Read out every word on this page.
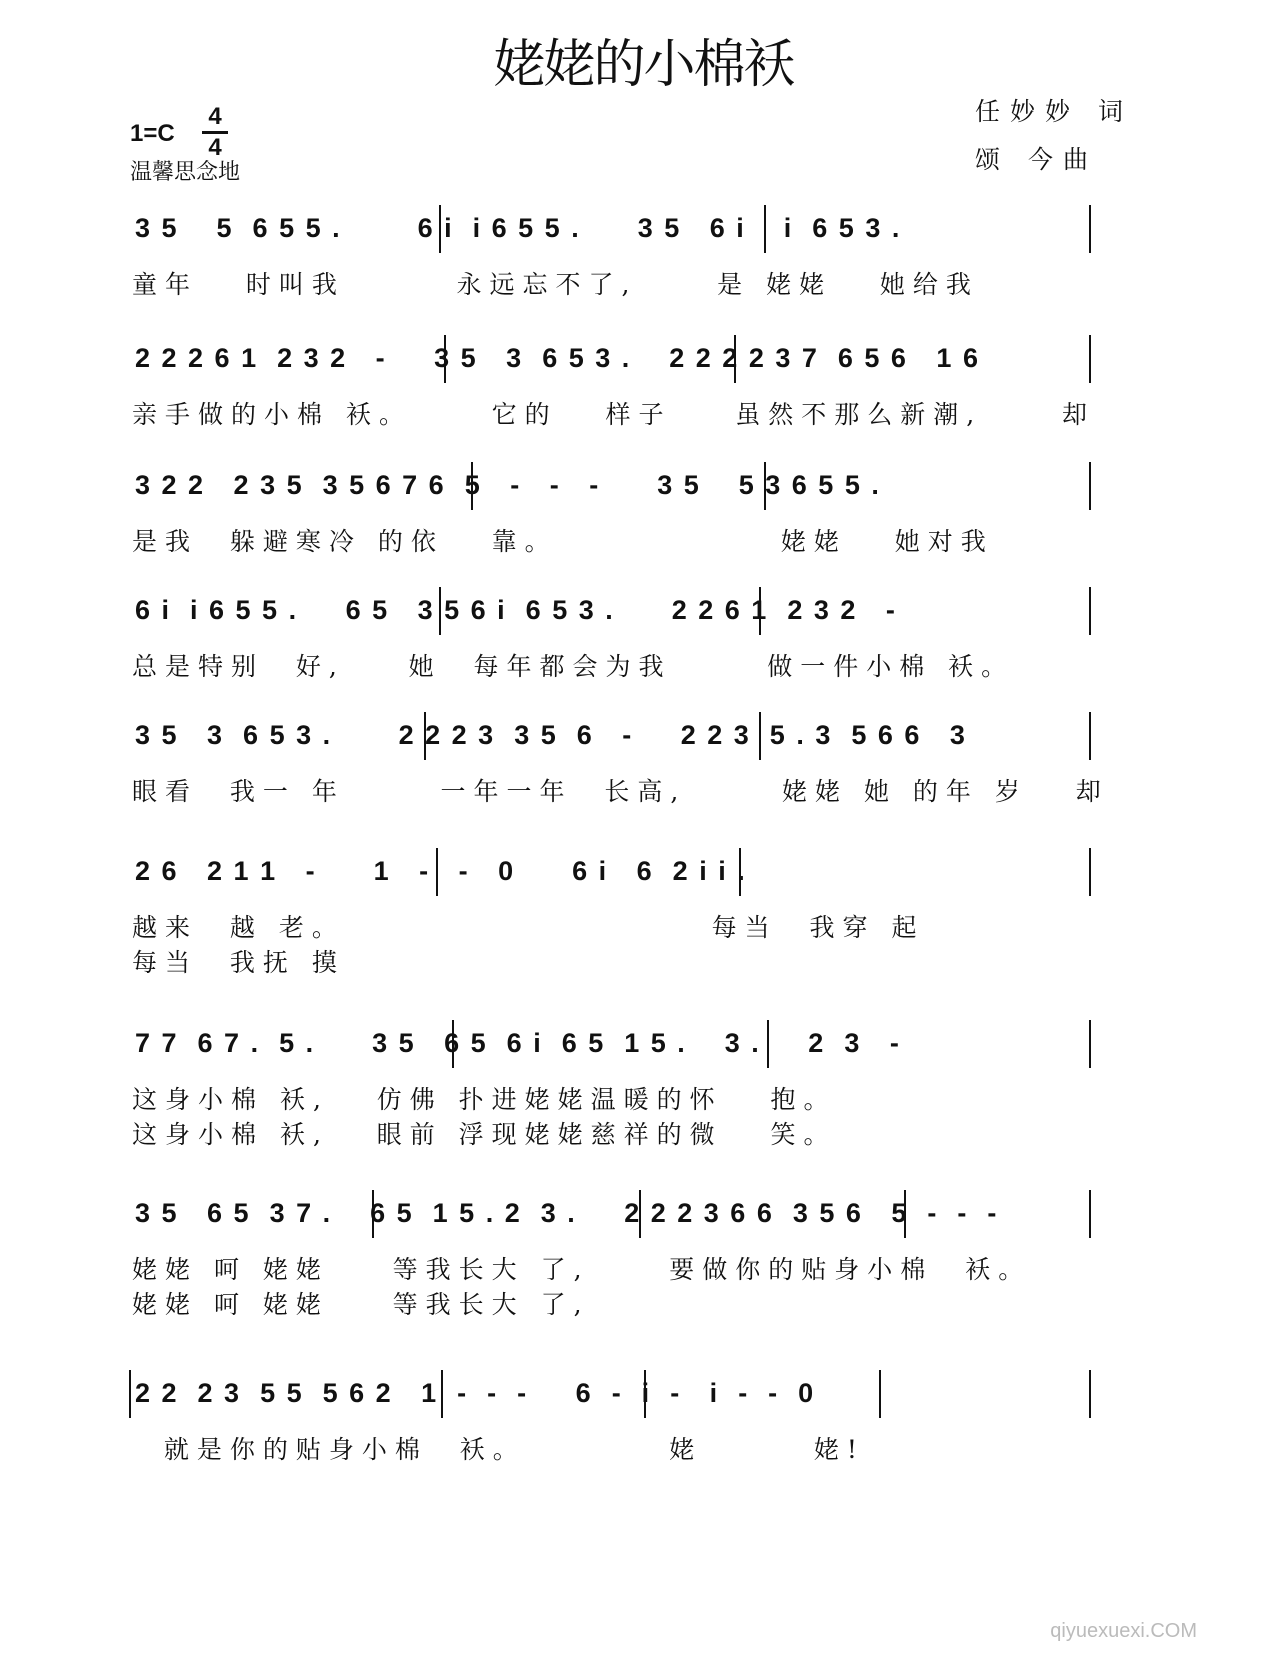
姥姥的小棉袄
任妙妙 词
颂 今曲
1=C
4
4
温馨思念地
3 5    5  6 5 5 .        6 i  i 6 5 5 .      3 5   6 i    i  6 5 3 .
童年   时叫我       永远忘不了,     是 姥姥   她给我
2 2 2 6 1  2 3 2   -     3 5   3  6 5 3 .    2 2 2 2 3 7  6 5 6   1 6
亲手做的小棉 袄。     它的   样子    虽然不那么新潮,     却
3 2 2   2 3 5  3 5 6 7 6  5   -   -   -      3 5    5 3 6 5 5 .
是我  躲避寒冷 的依   靠。              姥姥   她对我
6 i  i 6 5 5 .     6 5   3 5 6 i  6 5 3 .      2 2 6 1  2 3 2   -
总是特别  好,    她  每年都会为我      做一件小棉 袄。
3 5   3  6 5 3 .       2 2 2 3  3 5  6   -     2 2 3  5 . 3  5 6 6   3
眼看  我一 年      一年一年  长高,      姥姥 她 的年 岁   却
2 6   2 1 1   -      1   -   -   0      6 i   6  2 i i .
越来  越 老。                       每当  我穿 起
每当  我抚 摸
7 7  6 7 .  5 .      3 5   6 5  6 i  6 5  1 5 .    3 .     2  3   -
这身小棉 袄,   仿佛 扑进姥姥温暖的怀   抱。
这身小棉 袄,   眼前 浮现姥姥慈祥的微   笑。
3 5   6 5  3 7 .    6 5  1 5 . 2  3 .     2 2 2 3 6 6  3 5 6   5  -  -  -
姥姥 呵 姥姥    等我长大 了,     要做你的贴身小棉  袄。
姥姥 呵 姥姥    等我长大 了,
2 2  2 3  5 5  5 6 2   1  -  -  -     6  -  i  -   i  -  -  0
就是你的贴身小棉  袄。         姥       姥!
qiyuexuexi.COM
